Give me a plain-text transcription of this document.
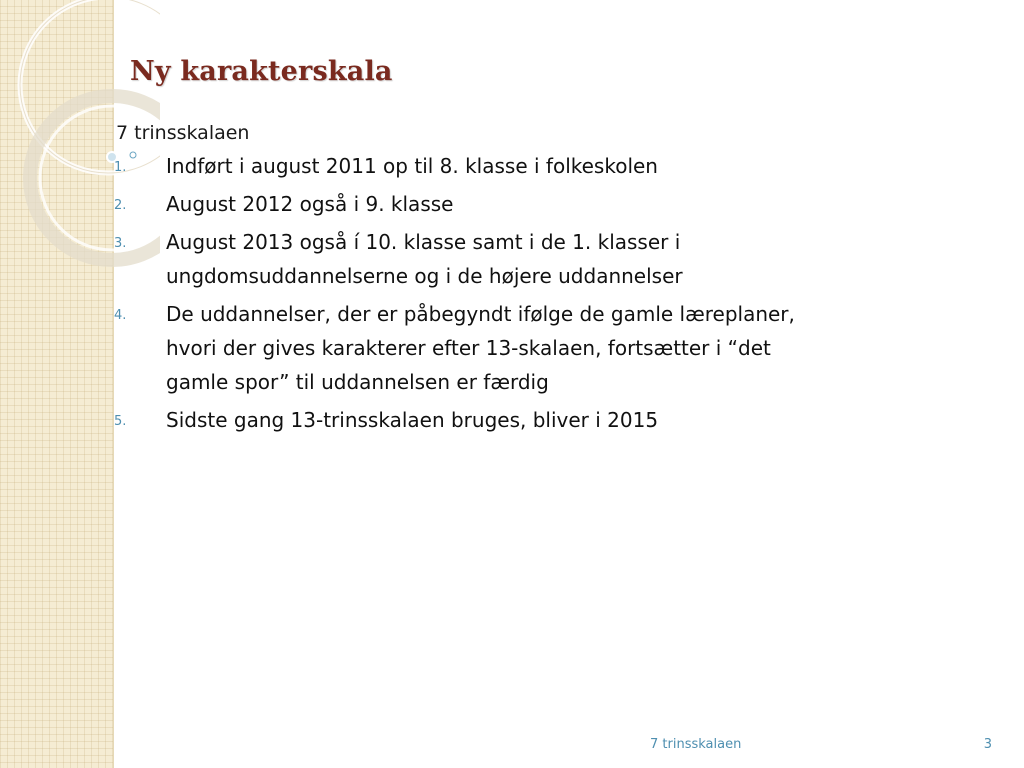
Ny karakterskala
7 trinsskalaen
1.	Indført i august 2011 op til 8. klasse i folkeskolen
2.	August 2012 også i 9. klasse
3.	August 2013 også í 10. klasse samt i de 1. klasser i ungdomsuddannelserne og i de højere uddannelser
4.	De uddannelser, der er påbegyndt ifølge de gamle læreplaner, hvori der gives karakterer efter 13-skalaen, fortsætter i “det gamle spor” til uddannelsen er færdig
5.	Sidste gang 13-trinsskalaen bruges, bliver i 2015
7 trinsskalaen	3
